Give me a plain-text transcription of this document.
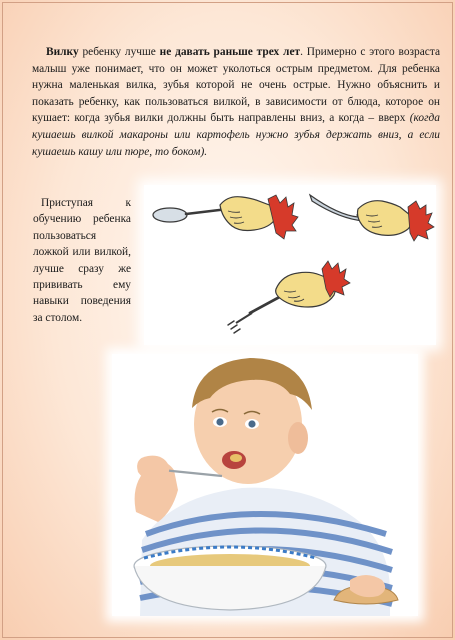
Вилку ребенку лучше не давать раньше трех лет. Примерно с этого возраста малыш уже понимает, что он может уколоться острым предметом. Для ребенка нужна маленькая вилка, зубья которой не очень острые. Нужно объяснить и показать ребенку, как пользоваться вилкой, в зависимости от блюда, которое он кушает: когда зубья вилки должны быть направлены вниз, а когда – вверх (когда кушаешь вилкой макароны или картофель нужно зубья держать вниз, а если кушаешь кашу или пюре, то боком).

Приступая к обучению ребенка пользоваться ложкой или вилкой, лучше сразу же прививать ему навыки поведения за столом.
